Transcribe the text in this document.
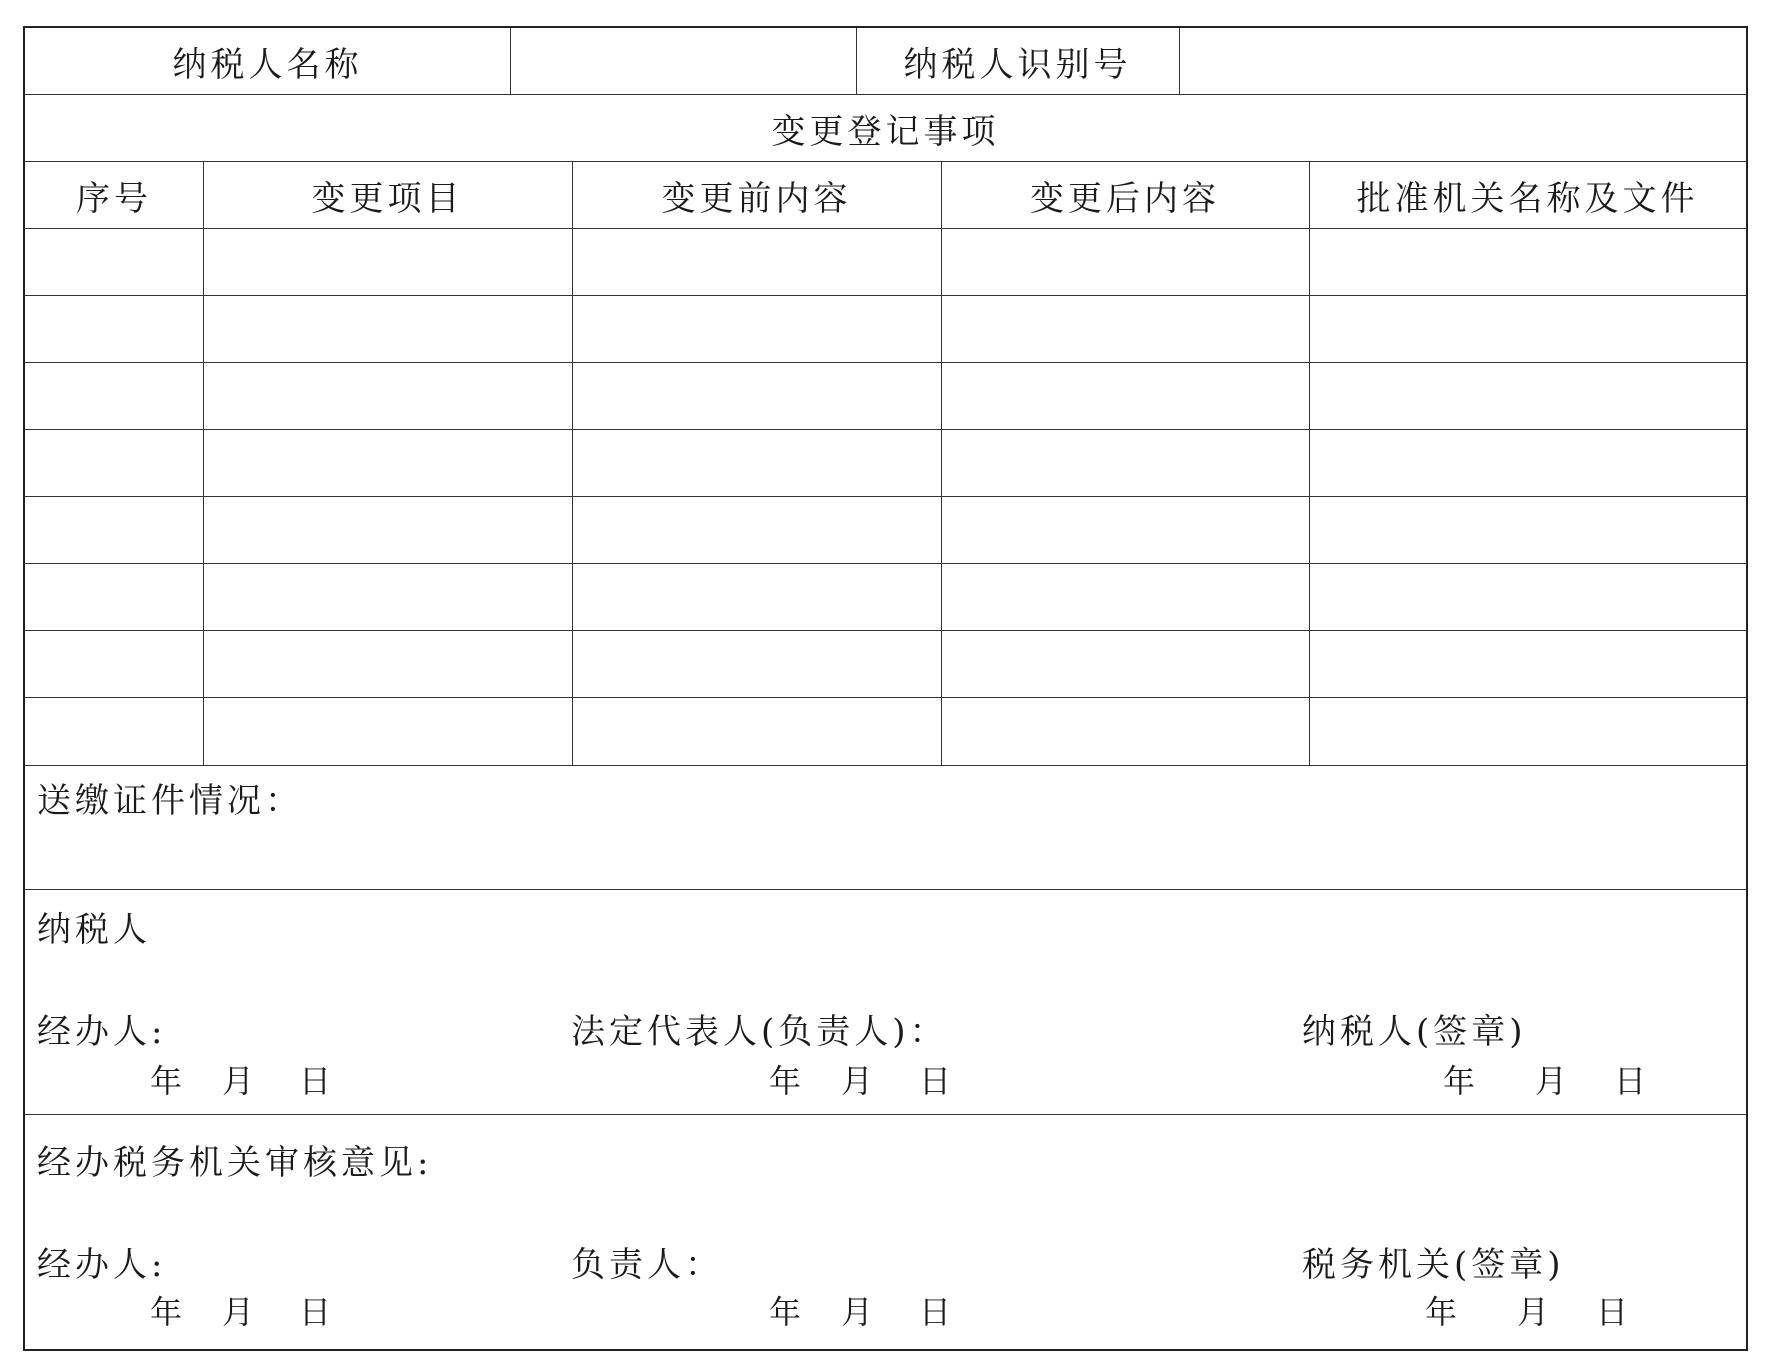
纳税人名称	纳税人识别号
变更登记事项
序号	变更项目	变更前内容	变更后内容	批准机关名称及文件
送缴证件情况：
纳税人
经办人:
年 月 日
法定代表人(负责人)：
年 月 日
纳税人(签章)
年 月 日
经办税务机关审核意见:
经办人:
年 月 日
负责人：
年 月 日
税务机关(签章)
年 月 日
